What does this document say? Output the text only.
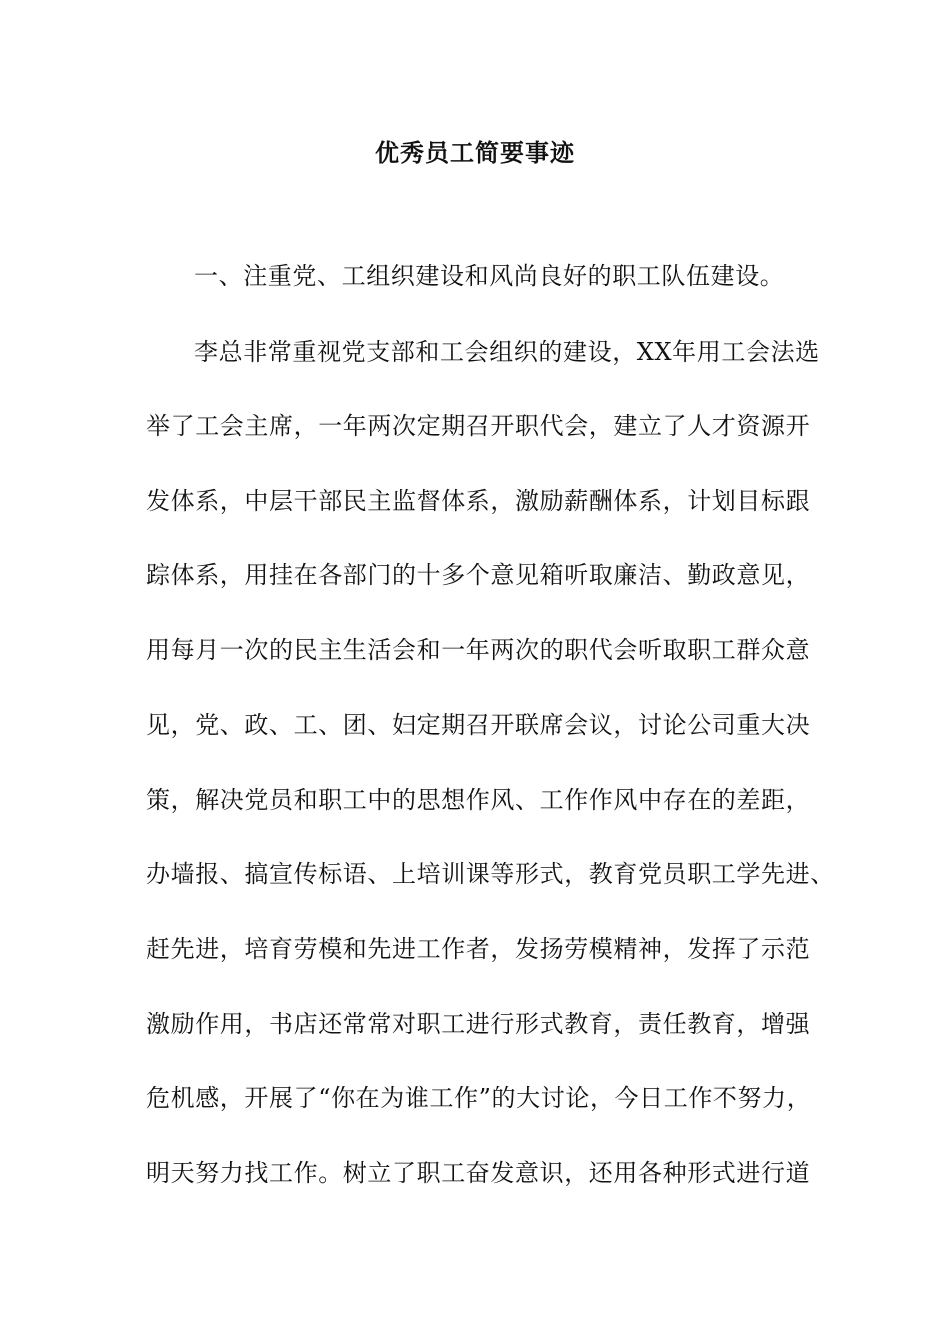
优秀员工简要事迹
一、注重党、工组织建设和风尚良好的职工队伍建设。
李总非常重视党支部和工会组织的建设，XX年用工会法选
举了工会主席，一年两次定期召开职代会，建立了人才资源开
发体系，中层干部民主监督体系，激励薪酬体系，计划目标跟
踪体系，用挂在各部门的十多个意见箱听取廉洁、勤政意见，
用每月一次的民主生活会和一年两次的职代会听取职工群众意
见，党、政、工、团、妇定期召开联席会议，讨论公司重大决
策，解决党员和职工中的思想作风、工作作风中存在的差距，
办墙报、搞宣传标语、上培训课等形式，教育党员职工学先进、
赶先进，培育劳模和先进工作者，发扬劳模精神，发挥了示范
激励作用，书店还常常对职工进行形式教育，责任教育，增强
危机感，开展了“你在为谁工作”的大讨论，今日工作不努力，
明天努力找工作。树立了职工奋发意识，还用各种形式进行道
